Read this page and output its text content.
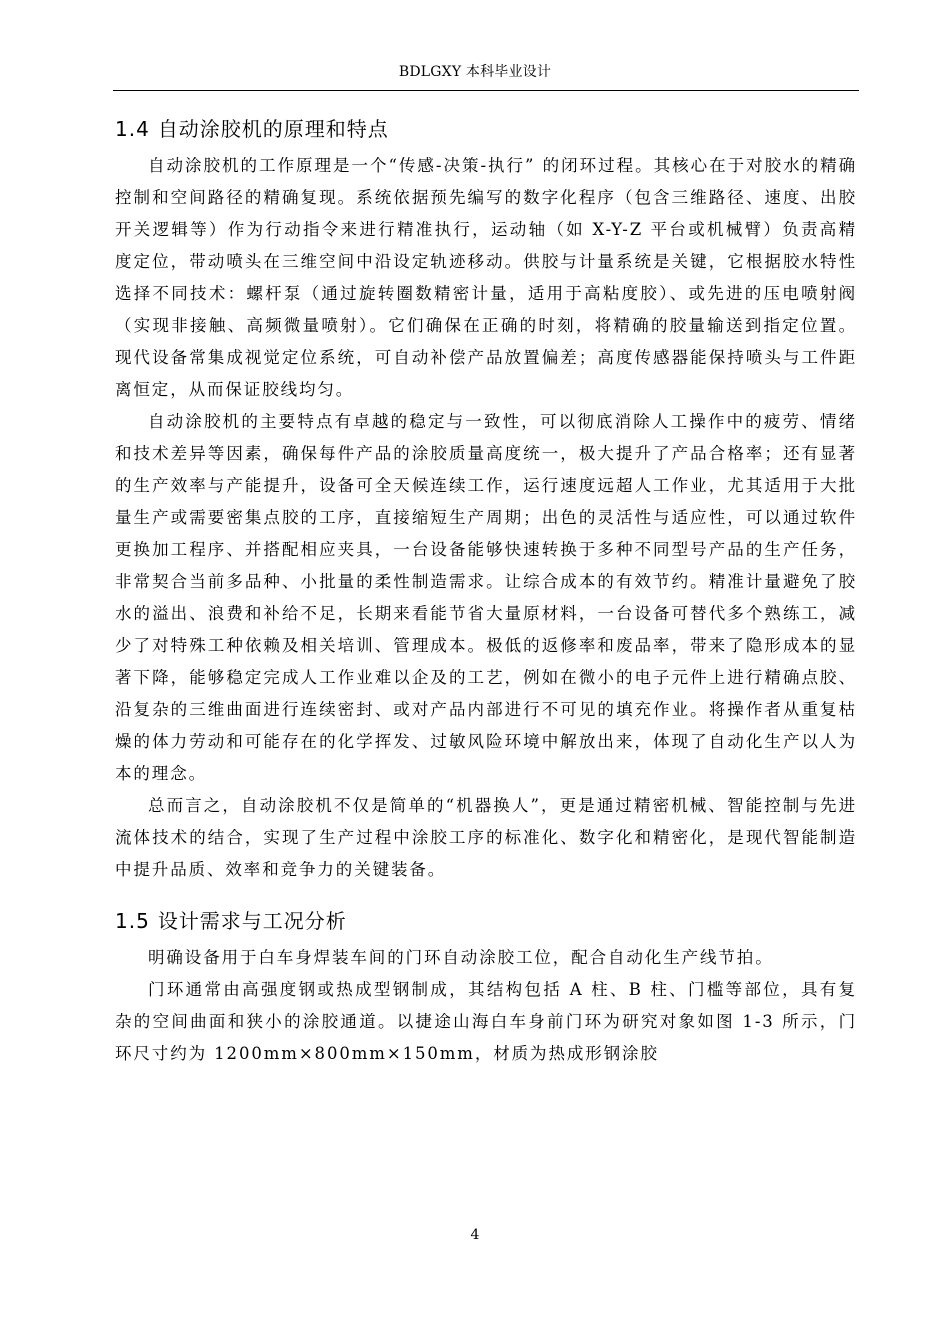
BDLGXY 本科毕业设计
1.4 自动涂胶机的原理和特点

自动涂胶机的工作原理是一个“传感-决策-执行” 的闭环过程。其核心在于对胶水的精确控制和空间路径的精确复现。系统依据预先编写的数字化程序（包含三维路径、速度、出胶开关逻辑等）作为行动指令来进行精准执行，运动轴（如 X-Y-Z 平台或机械臂）负责高精度定位，带动喷头在三维空间中沿设定轨迹移动。供胶与计量系统是关键，它根据胶水特性选择不同技术：螺杆泵（通过旋转圈数精密计量，适用于高粘度胶）、或先进的压电喷射阀（实现非接触、高频微量喷射）。它们确保在正确的时刻，将精确的胶量输送到指定位置。现代设备常集成视觉定位系统，可自动补偿产品放置偏差；高度传感器能保持喷头与工件距离恒定，从而保证胶线均匀。

自动涂胶机的主要特点有卓越的稳定与一致性，可以彻底消除人工操作中的疲劳、情绪和技术差异等因素，确保每件产品的涂胶质量高度统一，极大提升了产品合格率；还有显著的生产效率与产能提升，设备可全天候连续工作，运行速度远超人工作业，尤其适用于大批量生产或需要密集点胶的工序，直接缩短生产周期；出色的灵活性与适应性，可以通过软件更换加工程序、并搭配相应夹具，一台设备能够快速转换于多种不同型号产品的生产任务，非常契合当前多品种、小批量的柔性制造需求。让综合成本的有效节约。精准计量避免了胶水的溢出、浪费和补给不足，长期来看能节省大量原材料，一台设备可替代多个熟练工，减少了对特殊工种依赖及相关培训、管理成本。极低的返修率和废品率，带来了隐形成本的显著下降，能够稳定完成人工作业难以企及的工艺，例如在微小的电子元件上进行精确点胶、沿复杂的三维曲面进行连续密封、或对产品内部进行不可见的填充作业。将操作者从重复枯燥的体力劳动和可能存在的化学挥发、过敏风险环境中解放出来，体现了自动化生产以人为本的理念。

总而言之，自动涂胶机不仅是简单的“机器换人”，更是通过精密机械、智能控制与先进流体技术的结合，实现了生产过程中涂胶工序的标准化、数字化和精密化，是现代智能制造中提升品质、效率和竞争力的关键装备。

1.5 设计需求与工况分析

明确设备用于白车身焊装车间的门环自动涂胶工位，配合自动化生产线节拍。

门环通常由高强度钢或热成型钢制成，其结构包括 A 柱、B 柱、门槛等部位，具有复杂的空间曲面和狭小的涂胶通道。以捷途山海白车身前门环为研究对象如图 1-3 所示，门环尺寸约为 1200mm×800mm×150mm，材质为热成形钢涂胶

4
